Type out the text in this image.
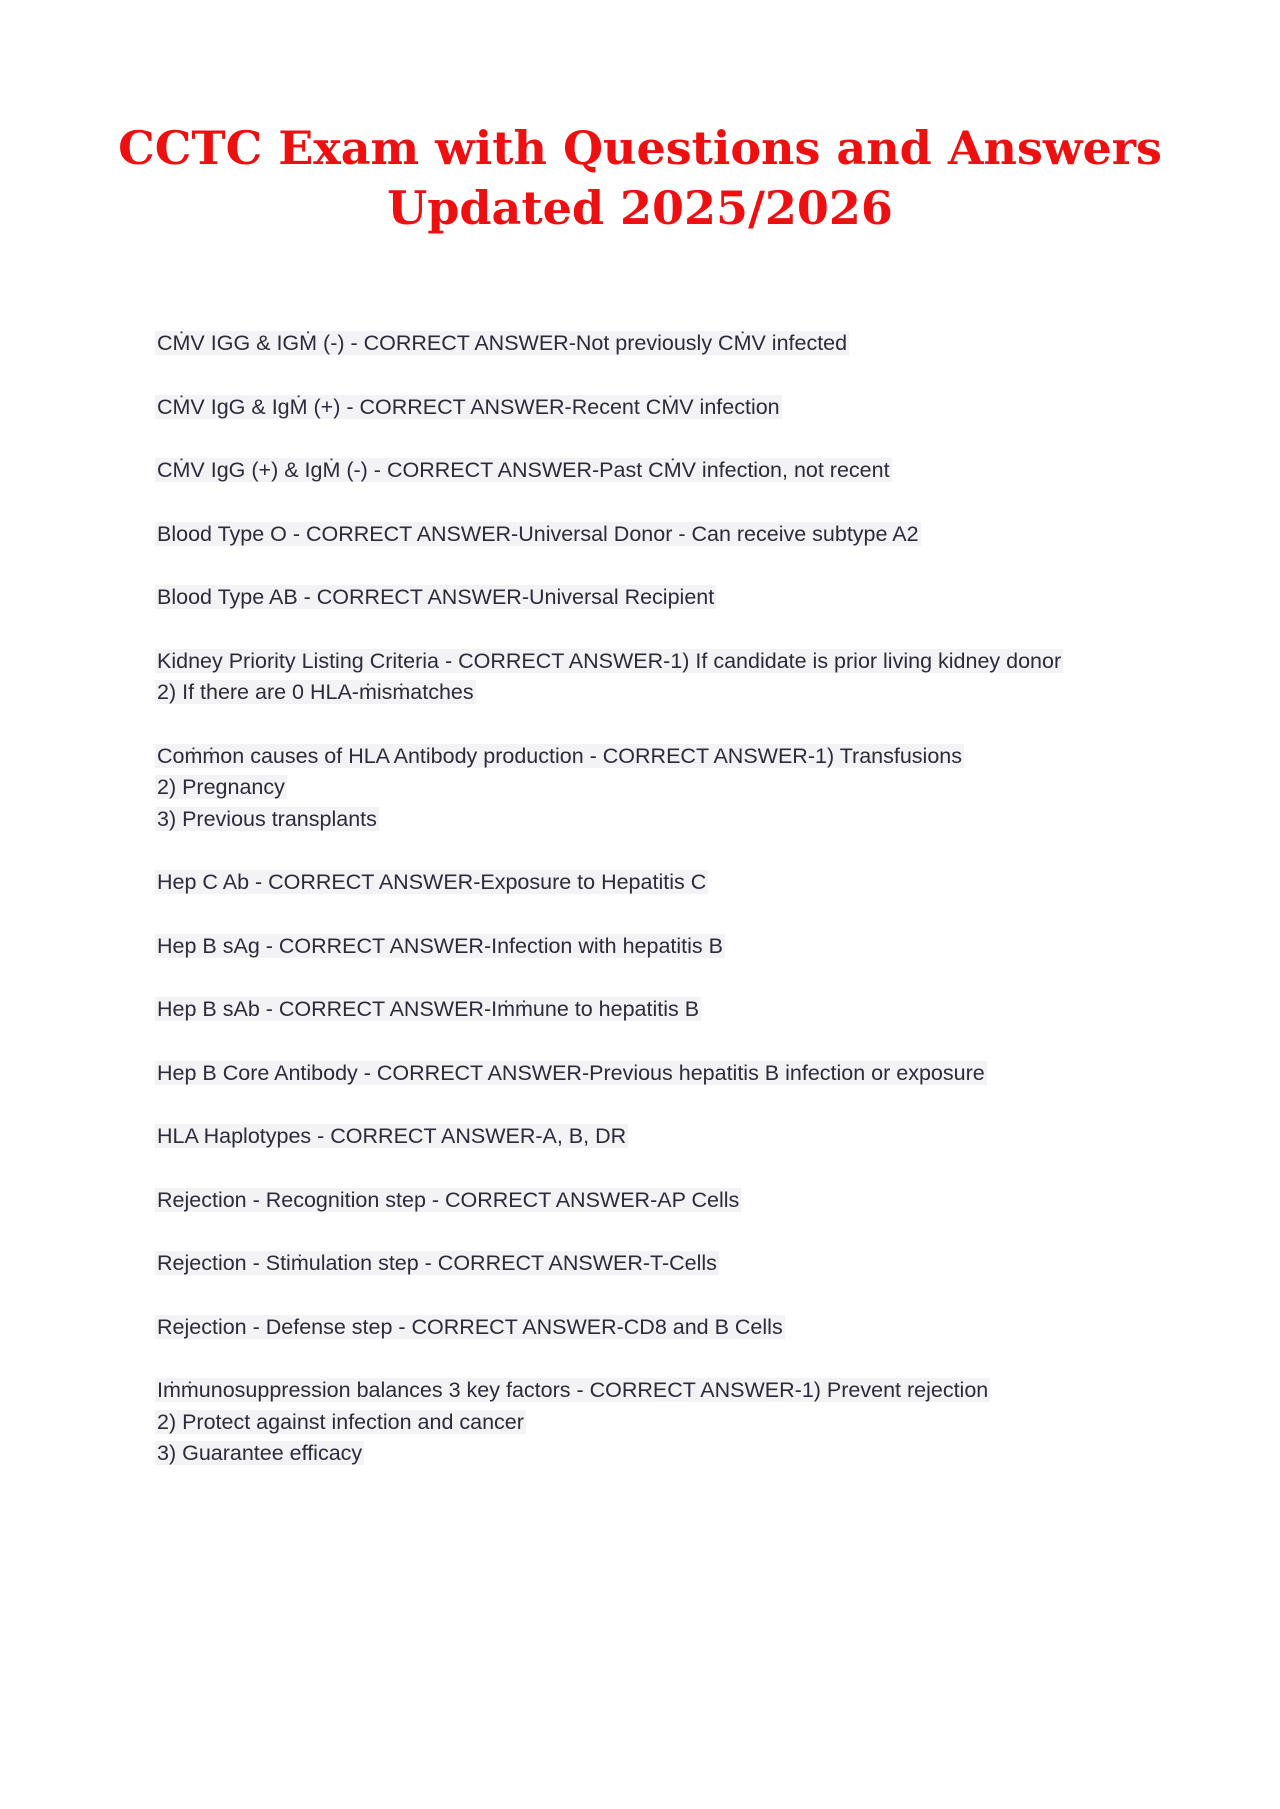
CCTC Exam with Questions and Answers
Updated 2025/2026
CṀV IGG & IGṀ (-) - CORRECT ANSWER-Not previously CṀV infected
CṀV IgG & IgṀ (+) - CORRECT ANSWER-Recent CṀV infection
CṀV IgG (+) & IgṀ (-) - CORRECT ANSWER-Past CṀV infection, not recent
Blood Type O - CORRECT ANSWER-Universal Donor - Can receive subtype A2
Blood Type AB - CORRECT ANSWER-Universal Recipient
Kidney Priority Listing Criteria - CORRECT ANSWER-1) If candidate is prior living kidney donor
2) If there are 0 HLA-ṁisṁatches
Coṁṁon causes of HLA Antibody production - CORRECT ANSWER-1) Transfusions
2) Pregnancy
3) Previous transplants
Hep C Ab - CORRECT ANSWER-Exposure to Hepatitis C
Hep B sAg - CORRECT ANSWER-Infection with hepatitis B
Hep B sAb - CORRECT ANSWER-Iṁṁune to hepatitis B
Hep B Core Antibody - CORRECT ANSWER-Previous hepatitis B infection or exposure
HLA Haplotypes - CORRECT ANSWER-A, B, DR
Rejection - Recognition step - CORRECT ANSWER-AP Cells
Rejection - Stiṁulation step - CORRECT ANSWER-T-Cells
Rejection - Defense step - CORRECT ANSWER-CD8 and B Cells
Iṁṁunosuppression balances 3 key factors - CORRECT ANSWER-1) Prevent rejection
2) Protect against infection and cancer
3) Guarantee efficacy
